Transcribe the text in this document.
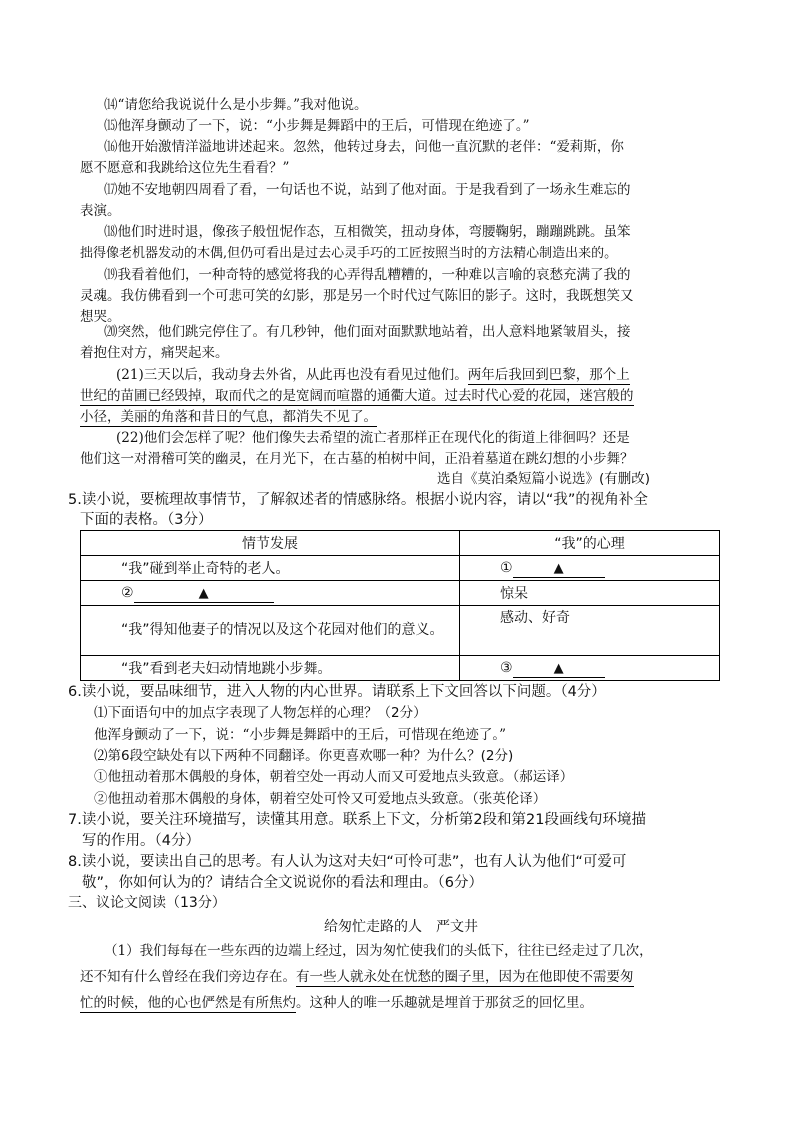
⒁“请您给我说说什么是小步舞。”我对他说。
⒂他浑身颤动了一下，说：“小步舞是舞蹈中的王后，可惜现在绝迹了。”
⒃他开始激情洋溢地讲述起来。忽然，他转过身去，问他一直沉默的老伴：“爱莉斯，你
愿不愿意和我跳给这位先生看看？”
⒄她不安地朝四周看了看，一句话也不说，站到了他对面。于是我看到了一场永生难忘的
表演。
⒅他们时进时退，像孩子般忸怩作态，互相微笑，扭动身体，弯腰鞠躬，蹦蹦跳跳。虽笨
拙得像老机器发动的木偶,但仍可看出是过去心灵手巧的工匠按照当时的方法精心制造出来的。
⒆我看着他们，一种奇特的感觉将我的心弄得乱糟糟的，一种难以言喻的哀愁充满了我的
灵魂。我仿佛看到一个可悲可笑的幻影，那是另一个时代过气陈旧的影子。这时，我既想笑又
想哭。
⒇突然，他们跳完停住了。有几秒钟，他们面对面默默地站着，出人意料地紧皱眉头，接
着抱住对方，痛哭起来。
(21)三天以后，我动身去外省，从此再也没有看见过他们。两年后我回到巴黎，那个上
世纪的苗圃已经毁掉，取而代之的是宽阔而喧嚣的通衢大道。过去时代心爱的花园，迷宫般的
小径，美丽的角落和昔日的气息，都消失不见了。
(22)他们会怎样了呢？他们像失去希望的流亡者那样正在现代化的街道上徘徊吗？还是
他们这一对滑稽可笑的幽灵，在月光下，在古墓的柏树中间，正沿着墓道在跳幻想的小步舞？
选自《莫泊桑短篇小说选》(有删改)
5.读小说，要梳理故事情节，了解叙述者的情感脉络。根据小说内容，请以“我”的视角补全
下面的表格。（3分）
情节发展	“我”的心理
“我”碰到举止奇特的老人。	① ▲
② ▲	惊呆
“我”得知他妻子的情况以及这个花园对他们的意义。	感动、好奇
“我”看到老夫妇动情地跳小步舞。	③ ▲
6.读小说，要品味细节，进入人物的内心世界。请联系上下文回答以下问题。（4分）
⑴下面语句中的加点字表现了人物怎样的心理？（2分）
他浑身颤动了一下，说：“小步舞是舞蹈中的王后，可惜现在绝迹了。”
⑵第6段空缺处有以下两种不同翻译。你更喜欢哪一种？为什么？(2分)
①他扭动着那木偶般的身体，朝着空处一再动人而又可爱地点头致意。（郝运译）
②他扭动着那木偶般的身体，朝着空处可怜又可爱地点头致意。（张英伦译）
7.读小说，要关注环境描写，读懂其用意。联系上下文，分析第2段和第21段画线句环境描
写的作用。（4分）
8.读小说，要读出自己的思考。有人认为这对夫妇“可怜可悲”，也有人认为他们“可爱可
敬”，你如何认为的？请结合全文说说你的看法和理由。（6分）
三、议论文阅读（13分）
给匆忙走路的人　严文井
（1）我们每每在一些东西的边端上经过，因为匆忙使我们的头低下，往往已经走过了几次，
还不知有什么曾经在我们旁边存在。有一些人就永处在忧愁的圈子里，因为在他即使不需要匆
忙的时候，他的心也俨然是有所焦灼。这种人的唯一乐趣就是埋首于那贫乏的回忆里。
